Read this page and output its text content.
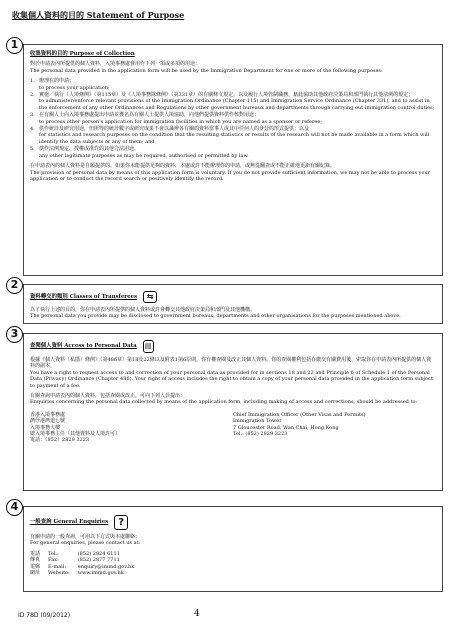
收集個人資料的目的 Statement of Purpose
1
收集資料的目的 Purpose of Collection
對於申請表內所提供的個人資料，入境事務處會用作下列一項或多項的用途：
The personal data provided in the application form will be used by the Immigration Department for one or more of the following purposes:
1. 辦理在的申請；
to process your application;
2. 實施／執行《人境條例》（第115章）及《人境事務隊條例》（第331章）的有關條文規定，以及履行人境管制職務，藉此協助其他政府決策局和部門執行其他法例的規定；
to administer/enforce relevant provisions of the Immigration Ordinance (Chapter 115) and Immigration Service Ordinance (Chapter 331), and to assist in the enforcement of any other Ordinances and Regulations by other government bureaux and departments through carrying out immigration control duties;
3. 在有關人士向入境事務處提出申請並獲名為有關人士提供人境協助，向他們提供資料供作核對用途；
to process other person's application for immigration facilities in which you are named as a sponsor or referee;
4. 供作統計及研究用途，但所得的統計數字或研究成果不會以識辨各有關的資料當事人或其中任何人的身分的形式提供；以及
for statistics and research purposes on the condition that the resulting statistics or results of the research will not be made available in a form which will identify the data subjects or any of them; and
5. 供作法例規定、授權或准許的其他合法用途。
any other legitimate purposes as may be required, authorised or permitted by law.
在申請表內的個人資料是自願提供的。如果你未能提供足夠的資料，本處或許不能辦理你的申請，或無從翻查或不能正確地更新有關紀錄。
The provision of personal data by means of this application form is voluntary. If you do not provide sufficient information, we may not be able to process your application or to conduct the record search or positively identify the record.
2
資料轉交的類別 Classes of Transferees	⇆
為了執行上述的目的，你在申請表內所提供的個人資料或許會轉交其他政府決策局和部門及其他機構。
The personal data you provide may be disclosed to government bureaux, departments and other organisations for the purposes mentioned above.
3
查閱個人資料 Access to Personal Data	▤
根據《個人資料（私隱）條例》（第486章）第18及22條以及附表1第6原則，你有權查閱及改正其個人資料。你的查閱權利包括在繳交有關費用後，索取你在申請表內所提供的個人資料的副本。
You have a right to request access to and correction of your personal data as provided for in sections 18 and 22 and Principle 6 of Schedule 1 of the Personal Data (Privacy) Ordinance (Chapter 486). Your right of access includes the right to obtain a copy of your personal data provided in the application form subject to payment of a fee.
有關查詢申請表內的個人資料，包括查閱或改正，可向下列人員提出：
Enquiries concerning the personal data collected by means of the application form, including making of access and corrections, should be addressed to:
香港入境事務處
灣仔港灣道七號
入境事務大樓
總入境事務主任（其他資料及人境許可）
電話：（852）2829 3223
Chief Immigration Officer (Other Visas and Permits)
Immigration Tower
7 Gloucester Road, Wan Chai, Hong Kong
Tel.: (852) 2829 3223
4
一般查詢 General Enquiries	?
有關申請的一般查詢，可用以下方式與本處聯絡：
For general enquiries, please contact us at:
電話	Tel.:	(852) 2824 6111
傳真	Fax:	(852) 2877 7711
電郵	E-mail:	enquiry@immd.gov.hk
網址	Website:	www.immd.gov.hk
ID 78D (09/2012)	4
